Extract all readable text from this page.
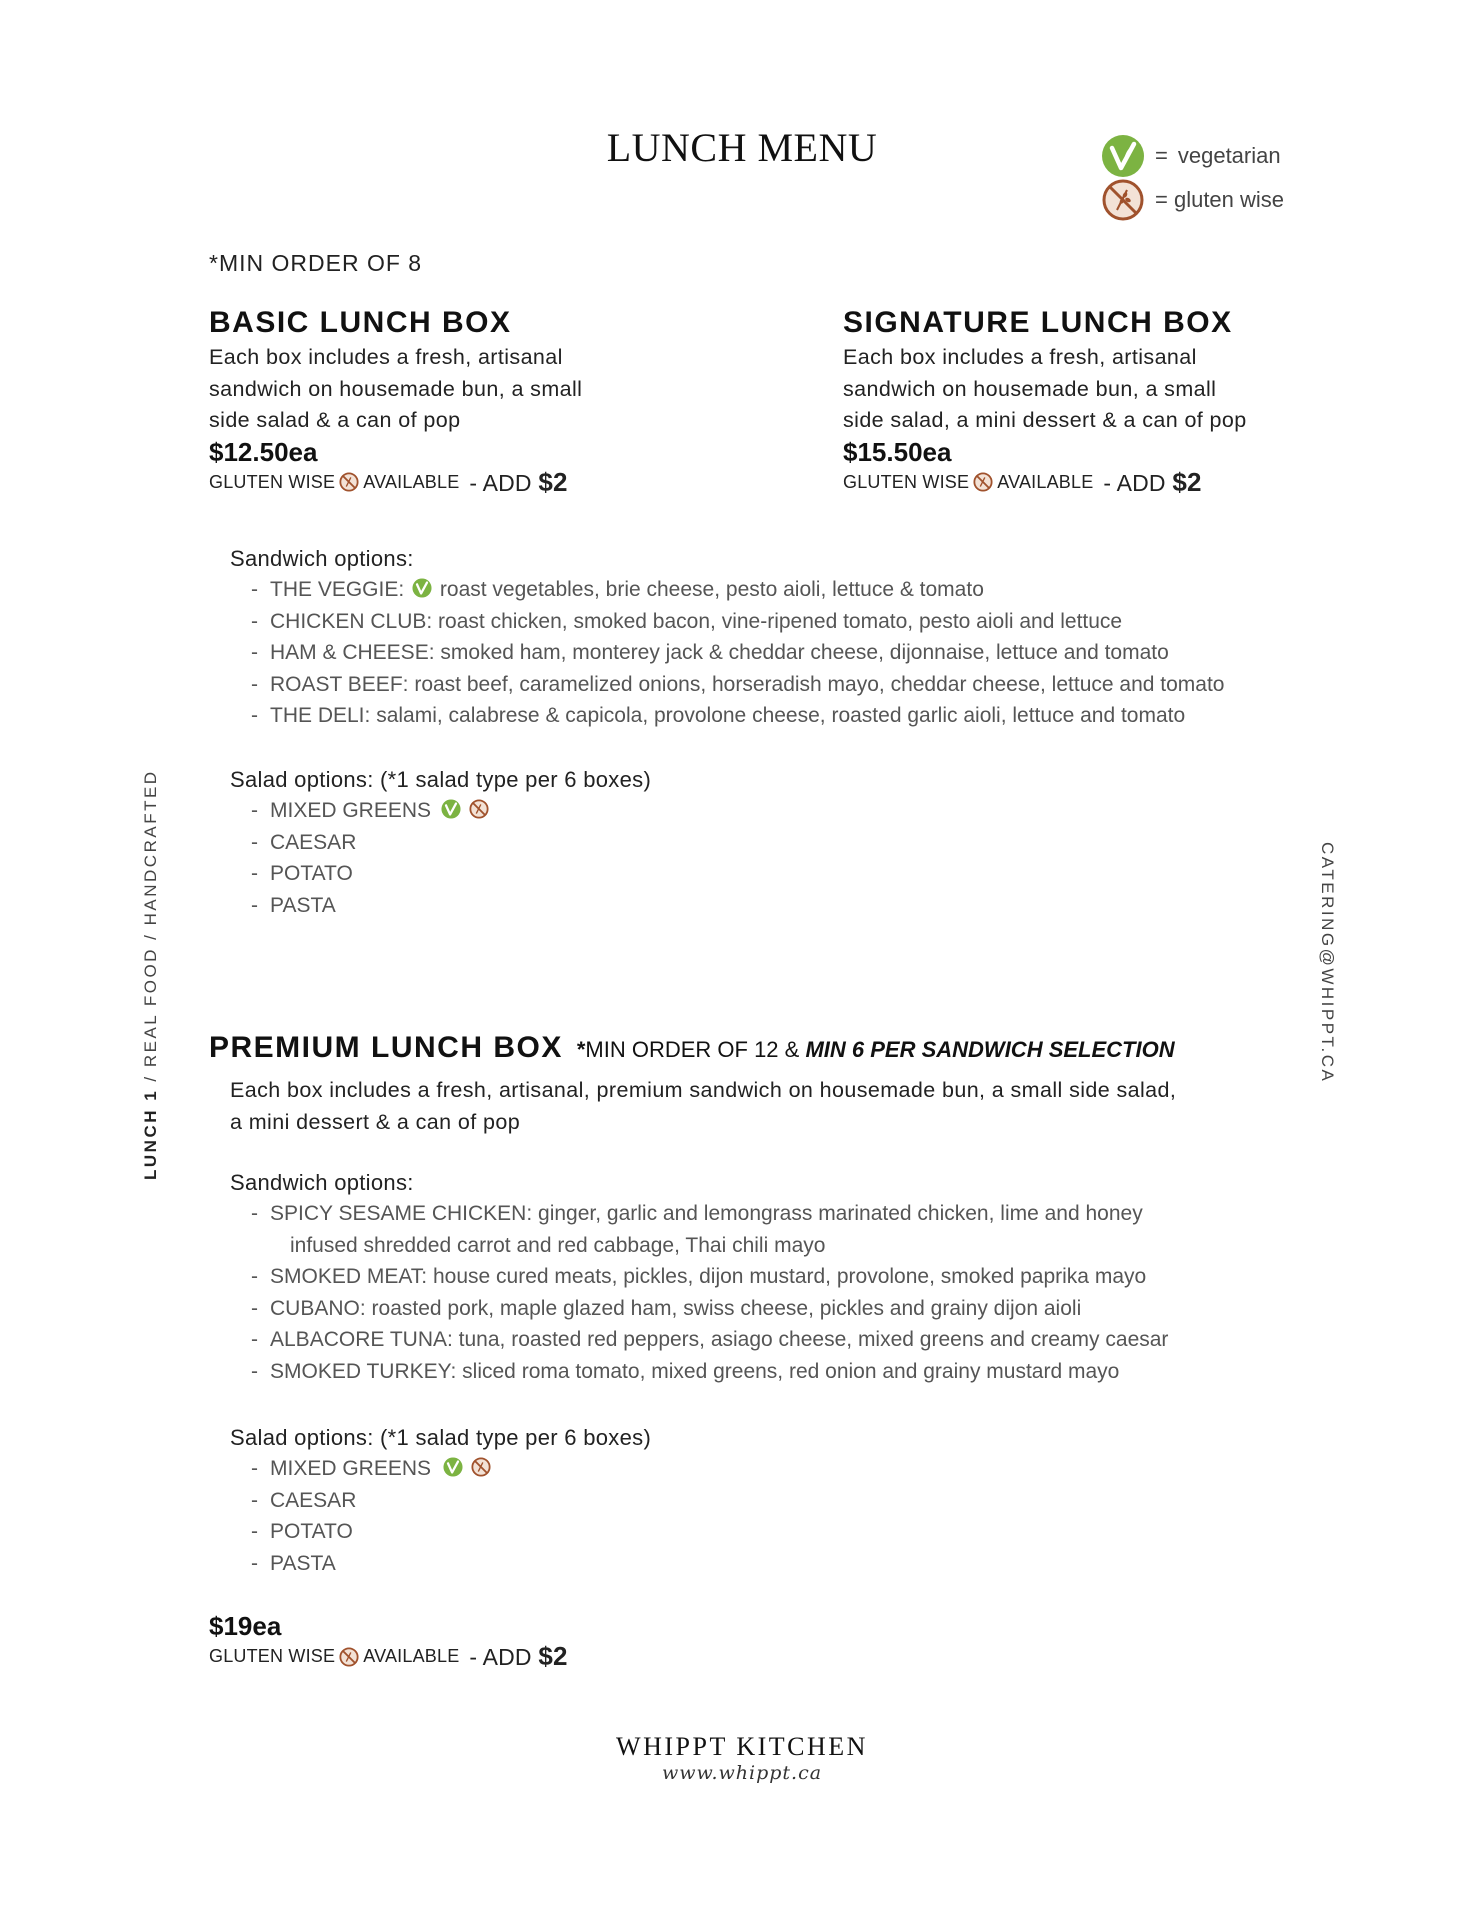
LUNCH MENU	= vegetarian
= gluten wise
*MIN ORDER OF 8
BASIC LUNCH BOX
Each box includes a fresh, artisanal
sandwich on housemade bun, a small
side salad & a can of pop
$12.50ea
GLUTEN WISE AVAILABLE - ADD $2
SIGNATURE LUNCH BOX
Each box includes a fresh, artisanal
sandwich on housemade bun, a small
side salad, a mini dessert & a can of pop
$15.50ea
GLUTEN WISE AVAILABLE - ADD $2
Sandwich options:
- THE VEGGIE: roast vegetables, brie cheese, pesto aioli, lettuce & tomato
- CHICKEN CLUB: roast chicken, smoked bacon, vine-ripened tomato, pesto aioli and lettuce
- HAM & CHEESE: smoked ham, monterey jack & cheddar cheese, dijonnaise, lettuce and tomato
- ROAST BEEF: roast beef, caramelized onions, horseradish mayo, cheddar cheese, lettuce and tomato
- THE DELI: salami, calabrese & capicola, provolone cheese, roasted garlic aioli, lettuce and tomato
Salad options: (*1 salad type per 6 boxes)
- MIXED GREENS
- CAESAR
- POTATO
- PASTA
PREMIUM LUNCH BOX *MIN ORDER OF 12 & MIN 6 PER SANDWICH SELECTION
Each box includes a fresh, artisanal, premium sandwich on housemade bun, a small side salad,
a mini dessert & a can of pop
Sandwich options:
- SPICY SESAME CHICKEN: ginger, garlic and lemongrass marinated chicken, lime and honey
infused shredded carrot and red cabbage, Thai chili mayo
- SMOKED MEAT: house cured meats, pickles, dijon mustard, provolone, smoked paprika mayo
- CUBANO: roasted pork, maple glazed ham, swiss cheese, pickles and grainy dijon aioli
- ALBACORE TUNA: tuna, roasted red peppers, asiago cheese, mixed greens and creamy caesar
- SMOKED TURKEY: sliced roma tomato, mixed greens, red onion and grainy mustard mayo
Salad options: (*1 salad type per 6 boxes)
- MIXED GREENS
- CAESAR
- POTATO
- PASTA
$19ea
GLUTEN WISE AVAILABLE - ADD $2
LUNCH 1 / REAL FOOD / HANDCRAFTED	CATERING@WHIPPT.CA
WHIPPT KITCHEN
www.whippt.ca
